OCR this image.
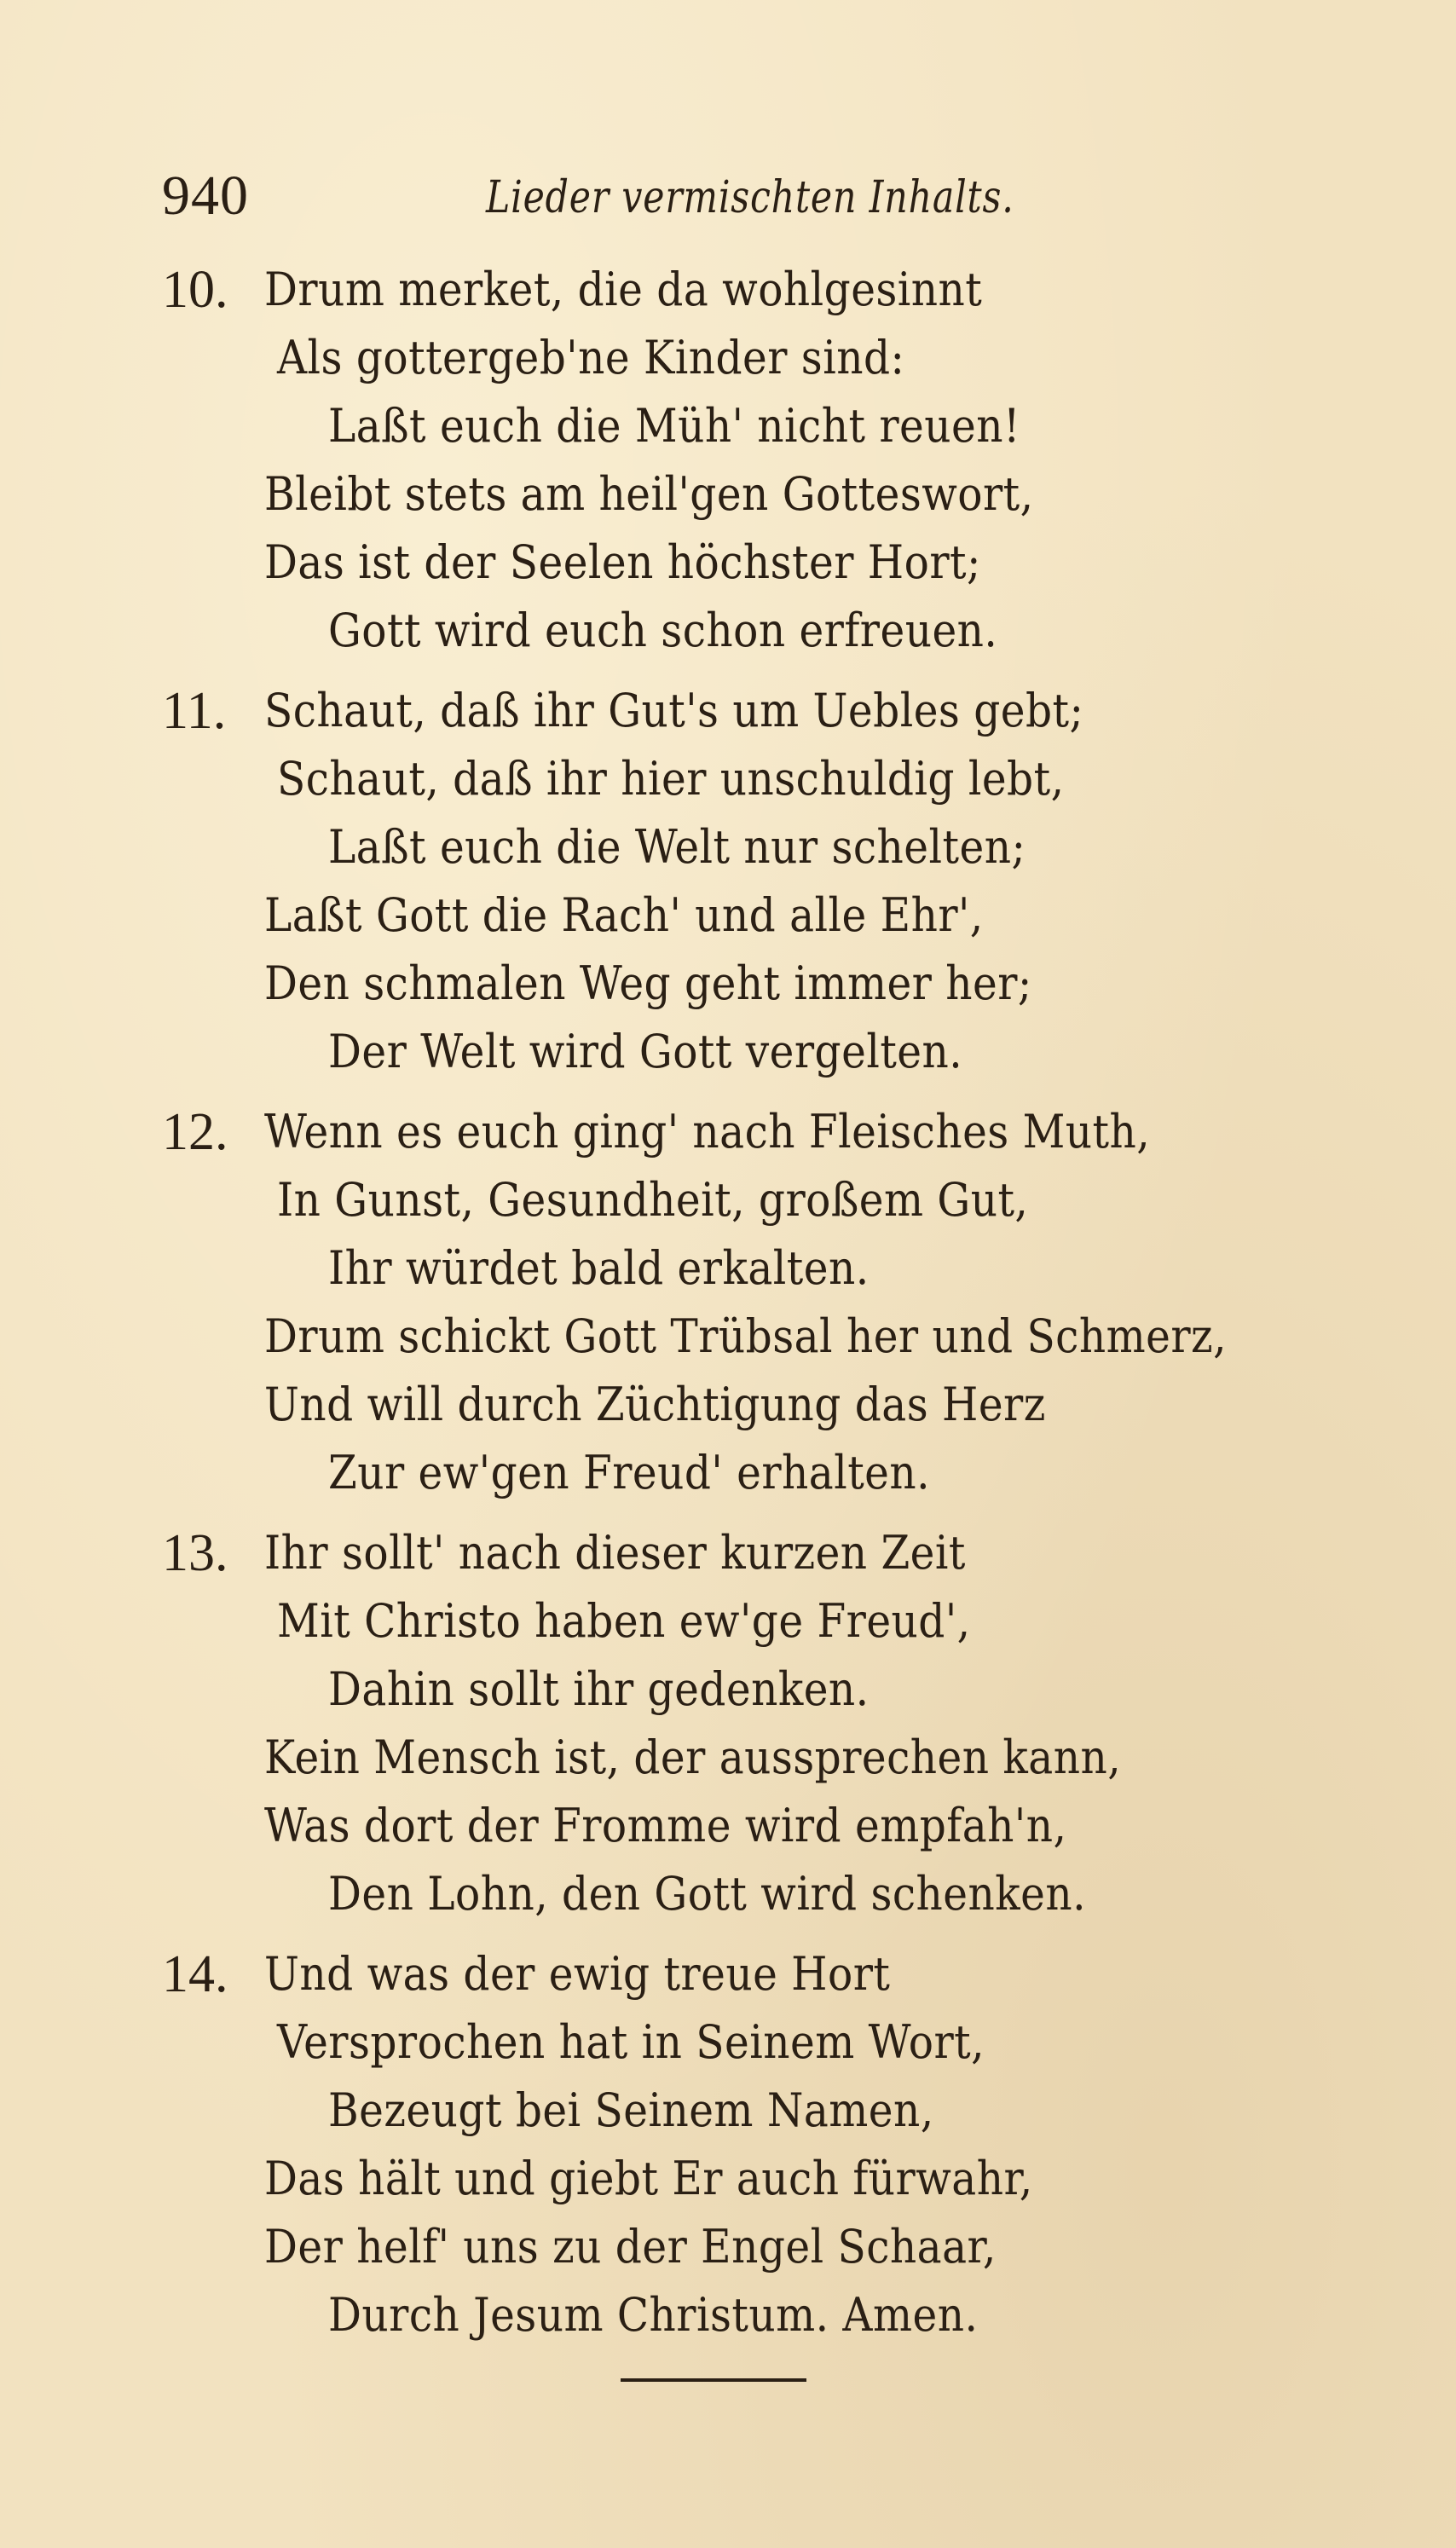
940	Lieder vermischten Inhalts.
10. Drum merket, die da wohlgesinnt
Als gottergeb'ne Kinder sind:
Laßt euch die Müh' nicht reuen!
Bleibt stets am heil'gen Gotteswort,
Das ist der Seelen höchster Hort;
Gott wird euch schon erfreuen.
11. Schaut, daß ihr Gut's um Uebles gebt;
Schaut, daß ihr hier unschuldig lebt,
Laßt euch die Welt nur schelten;
Laßt Gott die Rach' und alle Ehr',
Den schmalen Weg geht immer her;
Der Welt wird Gott vergelten.
12. Wenn es euch ging' nach Fleisches Muth,
In Gunst, Gesundheit, großem Gut,
Ihr würdet bald erkalten.
Drum schickt Gott Trübsal her und Schmerz,
Und will durch Züchtigung das Herz
Zur ew'gen Freud' erhalten.
13. Ihr sollt' nach dieser kurzen Zeit
Mit Christo haben ew'ge Freud',
Dahin sollt ihr gedenken.
Kein Mensch ist, der aussprechen kann,
Was dort der Fromme wird empfah'n,
Den Lohn, den Gott wird schenken.
14. Und was der ewig treue Hort
Versprochen hat in Seinem Wort,
Bezeugt bei Seinem Namen,
Das hält und giebt Er auch fürwahr,
Der helf' uns zu der Engel Schaar,
Durch Jesum Christum. Amen.
